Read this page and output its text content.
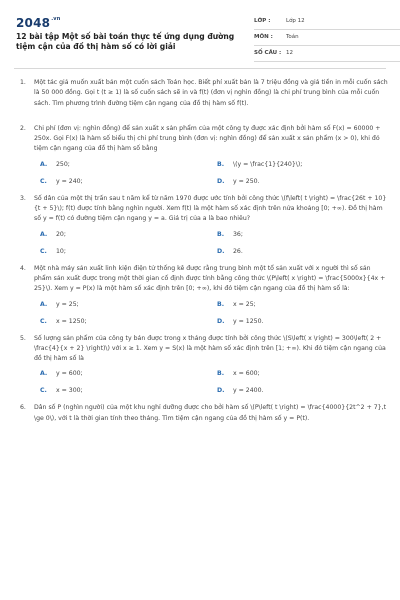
$2048^{.vn}$
12 bài tập Một số bài toán thực tế ứng dụng đường tiệm cận của đồ thị hàm số có lời giải
LỚP :	Lớp 12
MÔN :	Toán
SỐ CÂU : 12
1.	Một tác giả muốn xuất bản một cuốn sách Toán học. Biết phí xuất bản là 7 triệu đồng và giá tiền in mỗi cuốn sách là 50 000 đồng. Gọi t (t ≥ 1) là số cuốn sách sẽ in và f(t) (đơn vị nghìn đồng) là chi phí trung bình của mỗi cuốn sách. Tìm phương trình đường tiệm cận ngang của đồ thị hàm số f(t).
2.	Chi phí (đơn vị: nghìn đồng) để sản xuất x sản phẩm của một công ty được xác định bởi hàm số F(x) = 60000 + 250x. Gọi F(x) là hàm số biểu thị chi phí trung bình (đơn vị: nghìn đồng) để sản xuất x sản phẩm (x > 0), khi đó tiệm cận ngang của đồ thị hàm số bằng
A.	250;	B.	\(y = \frac{1}{240}\);
C.	y = 240;	D.	y = 250.
3.	Số dân của một thị trấn sau t năm kể từ năm 1970 được ước tính bởi công thức \(f\left( t \right) = \frac{26t + 10}{t + 5}\); f(t) được tính bằng nghìn người. Xem f(t) là một hàm số xác định trên nửa khoảng [0; +∞). Đồ thị hàm số y = f(t) có đường tiệm cận ngang y = a. Giá trị của a là bao nhiêu?
A.	20;	B.	36;
C.	10;	D.	26.
4.	Một nhà máy sản xuất linh kiện điện tử thống kê được rằng trung bình một tổ sản xuất với x người thì số sản phẩm sản xuất được trong một thời gian cố định được tính bằng công thức \(P\left( x \right) = \frac{5000x}{4x + 25}\). Xem y = P(x) là một hàm số xác định trên [0; +∞), khi đó tiệm cận ngang của đồ thị hàm số là:
A.	y = 25;	B.	x = 25;
C.	x = 1250;	D.	y = 1250.
5.	Số lượng sản phẩm của công ty bán được trong x tháng được tính bởi công thức \(S\left( x \right) = 300\left( 2 + \frac{4}{x + 2} \right)\) với x ≥ 1. Xem y = S(x) là một hàm số xác định trên [1; +∞). Khi đó tiệm cận ngang của đồ thị hàm số là
A.	y = 600;	B.	x = 600;
C.	x = 300;	D.	y = 2400.
6.	Dân số P (nghìn người) của một khu nghỉ dưỡng được cho bởi hàm số \(P\left( t \right) = \frac{4000}{2t^2 + 7},t \ge 0\), với t là thời gian tính theo tháng. Tìm tiệm cận ngang của đồ thị hàm số y = P(t).
